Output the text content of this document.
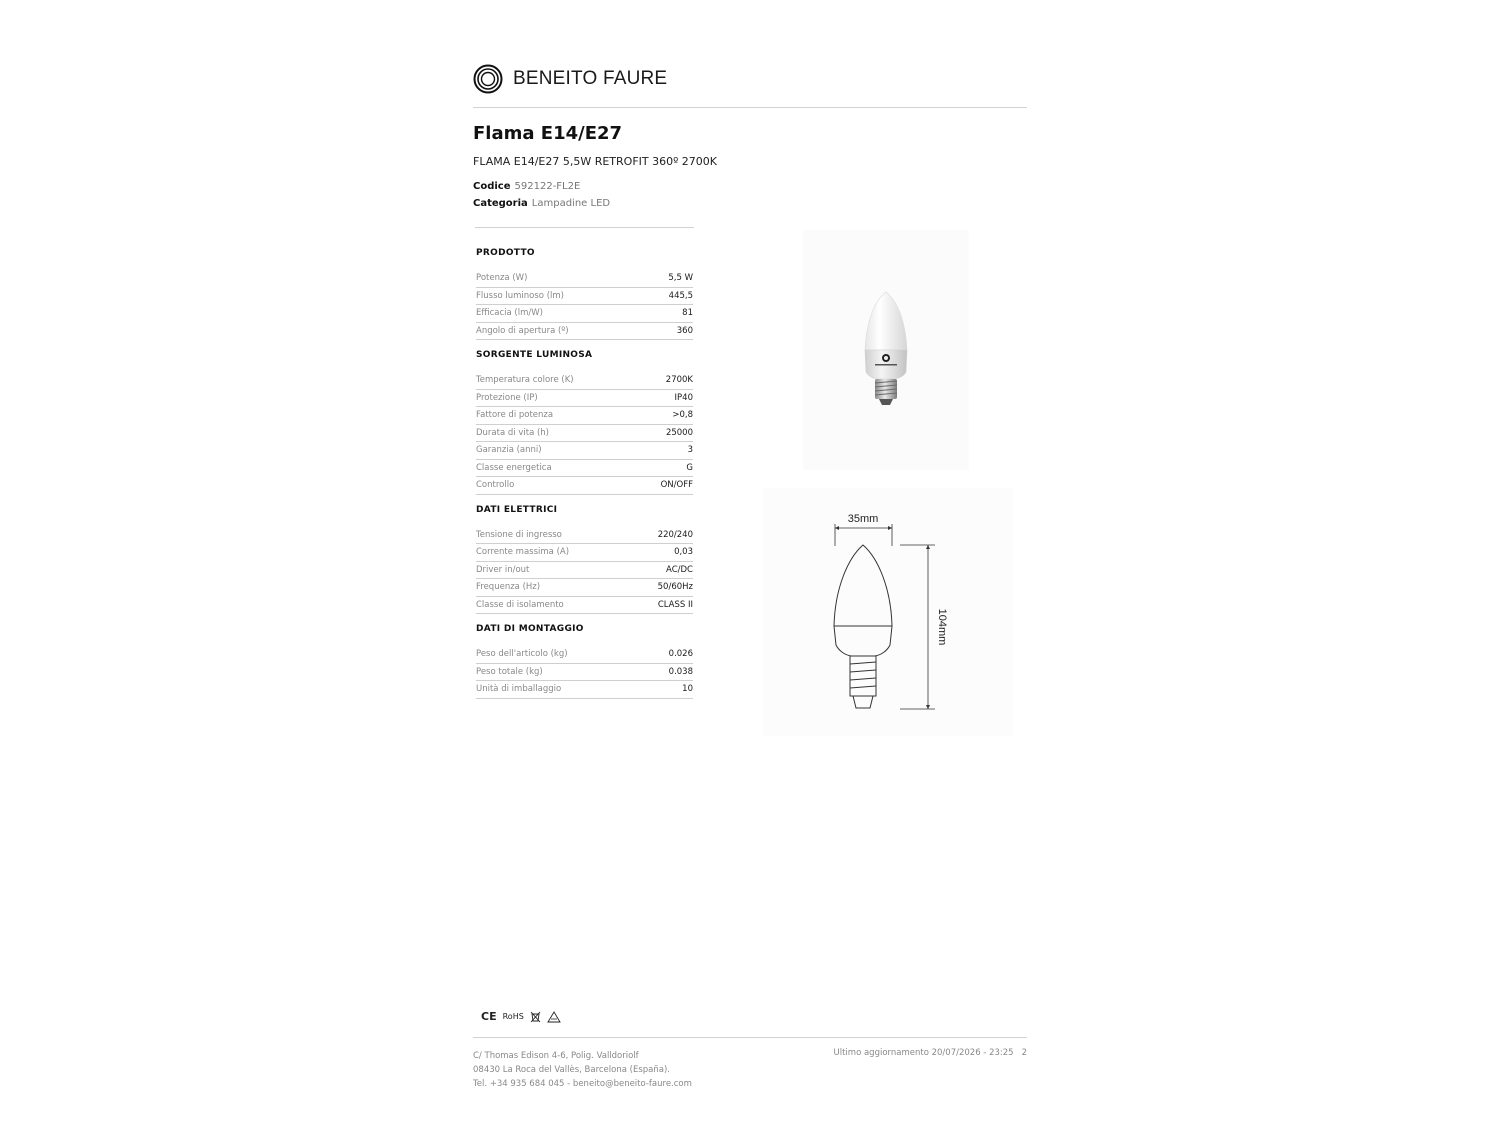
BENEITO FAURE
Flama E14/E27
FLAMA E14/E27 5,5W RETROFIT 360º 2700K
Codice 592122-FL2E
Categoria Lampadine LED
PRODOTTO
Potenza (W)	5,5 W
Flusso luminoso (lm)	445,5
Efficacia (lm/W)	81
Angolo di apertura (º)	360
SORGENTE LUMINOSA
Temperatura colore (K)	2700K
Protezione (IP)	IP40
Fattore di potenza	>0,8
Durata di vita (h)	25000
Garanzia (anni)	3
Classe energetica	G
Controllo	ON/OFF
DATI ELETTRICI
Tensione di ingresso	220/240
Corrente massima (A)	0,03
Driver in/out	AC/DC
Frequenza (Hz)	50/60Hz
Classe di isolamento	CLASS II
DATI DI MONTAGGIO
Peso dell'articolo (kg)	0.026
Peso totale (kg)	0.038
Unità di imballaggio	10
35mm
104mm
CE RoHS
C/ Thomas Edison 4-6, Polig. Valldoriolf
08430 La Roca del Vallès, Barcelona (España).
Tel. +34 935 684 045 - beneito@beneito-faure.com
Ultimo aggiornamento 20/07/2026 - 23:25 2
